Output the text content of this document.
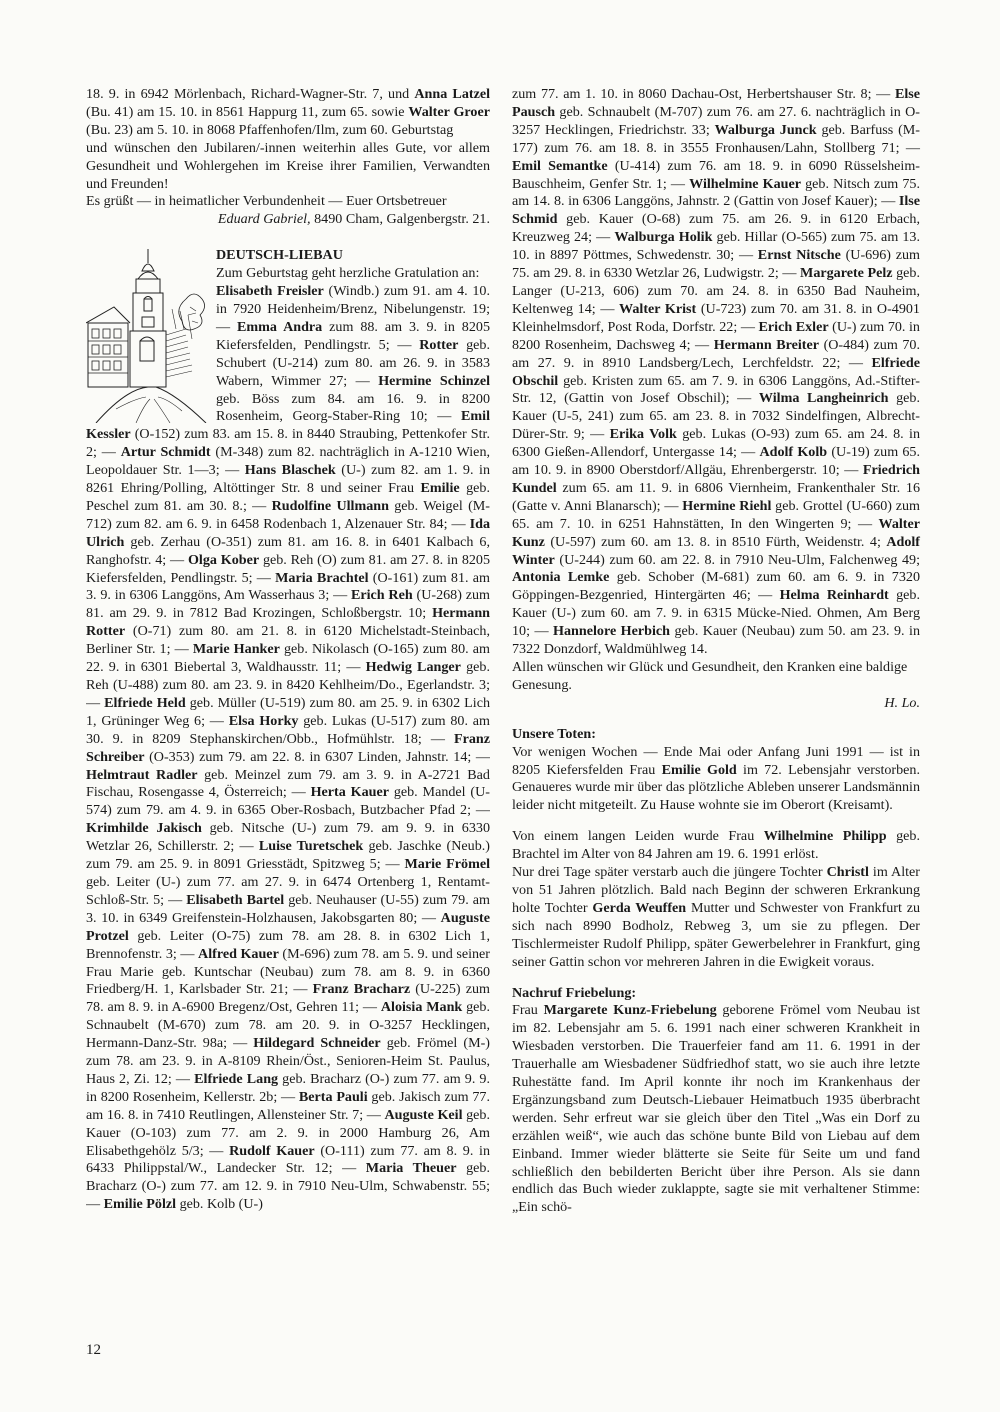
18. 9. in 6942 Mörlenbach, Richard-Wagner-Str. 7, und Anna Latzel (Bu. 41) am 15. 10. in 8561 Happurg 11, zum 65. sowie Walter Groer (Bu. 23) am 5. 10. in 8068 Pfaffenhofen/Ilm, zum 60. Geburtstag

und wünschen den Jubilaren/-innen weiterhin alles Gute, vor allem Gesundheit und Wohlergehen im Kreise ihrer Familien, Verwandten und Freunden!

Es grüßt — in heimatlicher Verbundenheit — Euer Ortsbetreuer

Eduard Gabriel, 8490 Cham, Galgenbergstr. 21.

DEUTSCH-LIEBAU

Zum Geburtstag geht herzliche Gratulation an:

Elisabeth Freisler (Windb.) zum 91. am 4. 10. in 7920 Heidenheim/Brenz, Nibelungenstr. 19; — Emma Andra zum 88. am 3. 9. in 8205 Kiefersfelden, Pendlingstr. 5; — Rotter geb. Schubert (U-214) zum 80. am 26. 9. in 3583 Wabern, Wimmer 27; — Hermine Schinzel geb. Böss zum 84. am 16. 9. in 8200 Rosenheim, Georg-Staber-Ring 10; — Emil Kessler (O-152) zum 83. am 15. 8. in 8440 Straubing, Pettenkofer Str. 2; — Artur Schmidt (M-348) zum 82. nachträglich in A-1210 Wien, Leopoldauer Str. 1—3; — Hans Blaschek (U-) zum 82. am 1. 9. in 8261 Ehring/Polling, Altöttinger Str. 8 und seiner Frau Emilie geb. Peschel zum 81. am 30. 8.; — Rudolfine Ullmann geb. Weigel (M-712) zum 82. am 6. 9. in 6458 Rodenbach 1, Alzenauer Str. 84; — Ida Ulrich geb. Zerhau (O-351) zum 81. am 16. 8. in 6401 Kalbach 6, Ranghofstr. 4; — Olga Kober geb. Reh (O) zum 81. am 27. 8. in 8205 Kiefersfelden, Pendlingstr. 5; — Maria Brachtel (O-161) zum 81. am 3. 9. in 6306 Langgöns, Am Wasserhaus 3; — Erich Reh (U-268) zum 81. am 29. 9. in 7812 Bad Krozingen, Schloßbergstr. 10; Hermann Rotter (O-71) zum 80. am 21. 8. in 6120 Michelstadt-Steinbach, Berliner Str. 1; — Marie Hanker geb. Nikolasch (O-165) zum 80. am 22. 9. in 6301 Biebertal 3, Waldhausstr. 11; — Hedwig Langer geb. Reh (U-488) zum 80. am 23. 9. in 8420 Kehlheim/Do., Egerlandstr. 3; — Elfriede Held geb. Müller (U-519) zum 80. am 25. 9. in 6302 Lich 1, Grüninger Weg 6; — Elsa Horky geb. Lukas (U-517) zum 80. am 30. 9. in 8209 Stephanskirchen/Obb., Hofmühlstr. 18; — Franz Schreiber (O-353) zum 79. am 22. 8. in 6307 Linden, Jahnstr. 14; — Helmtraut Radler geb. Meinzel zum 79. am 3. 9. in A-2721 Bad Fischau, Rosengasse 4, Österreich; — Herta Kauer geb. Mandel (U-574) zum 79. am 4. 9. in 6365 Ober-Rosbach, Butzbacher Pfad 2; — Krimhilde Jakisch geb. Nitsche (U-) zum 79. am 9. 9. in 6330 Wetzlar 26, Schillerstr. 2; — Luise Turetschek geb. Jaschke (Neub.) zum 79. am 25. 9. in 8091 Griesstädt, Spitzweg 5; — Marie Frömel geb. Leiter (U-) zum 77. am 27. 9. in 6474 Ortenberg 1, Rentamt-Schloß-Str. 5; — Elisabeth Bartel geb. Neuhauser (U-55) zum 79. am 3. 10. in 6349 Greifenstein-Holzhausen, Jakobsgarten 80; — Auguste Protzel geb. Leiter (O-75) zum 78. am 28. 8. in 6302 Lich 1, Brennofenstr. 3; — Alfred Kauer (M-696) zum 78. am 5. 9. und seiner Frau Marie geb. Kuntschar (Neubau) zum 78. am 8. 9. in 6360 Friedberg/H. 1, Karlsbader Str. 21; — Franz Bracharz (U-225) zum 78. am 8. 9. in A-6900 Bregenz/Ost, Gehren 11; — Aloisia Mank geb. Schnaubelt (M-670) zum 78. am 20. 9. in O-3257 Hecklingen, Hermann-Danz-Str. 98a; — Hildegard Schneider geb. Frömel (M-) zum 78. am 23. 9. in A-8109 Rhein/Öst., Senioren-Heim St. Paulus, Haus 2, Zi. 12; — Elfriede Lang geb. Bracharz (O-) zum 77. am 9. 9. in 8200 Rosenheim, Kellerstr. 2b; — Berta Pauli geb. Jakisch zum 77. am 16. 8. in 7410 Reutlingen, Allensteiner Str. 7; — Auguste Keil geb. Kauer (O-103) zum 77. am 2. 9. in 2000 Hamburg 26, Am Elisabethgehölz 5/3; — Rudolf Kauer (O-111) zum 77. am 8. 9. in 6433 Philippstal/W., Landecker Str. 12; — Maria Theuer geb. Bracharz (O-) zum 77. am 12. 9. in 7910 Neu-Ulm, Schwabenstr. 55; — Emilie Pölzl geb. Kolb (U-)

zum 77. am 1. 10. in 8060 Dachau-Ost, Herbertshauser Str. 8; — Else Pausch geb. Schnaubelt (M-707) zum 76. am 27. 6. nachträglich in O-3257 Hecklingen, Friedrichstr. 33; Walburga Junck geb. Barfuss (M-177) zum 76. am 18. 8. in 3555 Fronhausen/Lahn, Stollberg 71; — Emil Semantke (U-414) zum 76. am 18. 9. in 6090 Rüsselsheim-Bauschheim, Genfer Str. 1; — Wilhelmine Kauer geb. Nitsch zum 75. am 14. 8. in 6306 Langgöns, Jahnstr. 2 (Gattin von Josef Kauer); — Ilse Schmid geb. Kauer (O-68) zum 75. am 26. 9. in 6120 Erbach, Kreuzweg 24; — Walburga Holik geb. Hillar (O-565) zum 75. am 13. 10. in 8897 Pöttmes, Schwedenstr. 30; — Ernst Nitsche (U-696) zum 75. am 29. 8. in 6330 Wetzlar 26, Ludwigstr. 2; — Margarete Pelz geb. Langer (U-213, 606) zum 70. am 24. 8. in 6350 Bad Nauheim, Keltenweg 14; — Walter Krist (U-723) zum 70. am 31. 8. in O-4901 Kleinhelmsdorf, Post Roda, Dorfstr. 22; — Erich Exler (U-) zum 70. in 8200 Rosenheim, Dachsweg 4; — Hermann Breiter (O-484) zum 70. am 27. 9. in 8910 Landsberg/Lech, Lerchfeldstr. 22; — Elfriede Obschil geb. Kristen zum 65. am 7. 9. in 6306 Langgöns, Ad.-Stifter-Str. 12, (Gattin von Josef Obschil); — Wilma Langheinrich geb. Kauer (U-5, 241) zum 65. am 23. 8. in 7032 Sindelfingen, Albrecht-Dürer-Str. 9; — Erika Volk geb. Lukas (O-93) zum 65. am 24. 8. in 6300 Gießen-Allendorf, Untergasse 14; — Adolf Kolb (U-19) zum 65. am 10. 9. in 8900 Oberstdorf/Allgäu, Ehrenbergerstr. 10; — Friedrich Kundel zum 65. am 11. 9. in 6806 Viernheim, Frankenthaler Str. 16 (Gatte v. Anni Blanarsch); — Hermine Riehl geb. Grottel (U-660) zum 65. am 7. 10. in 6251 Hahnstätten, In den Wingerten 9; — Walter Kunz (U-597) zum 60. am 13. 8. in 8510 Fürth, Weidenstr. 4; Adolf Winter (U-244) zum 60. am 22. 8. in 7910 Neu-Ulm, Falchenweg 49; Antonia Lemke geb. Schober (M-681) zum 60. am 6. 9. in 7320 Göppingen-Bezgenried, Hintergärten 46; — Helma Reinhardt geb. Kauer (U-) zum 60. am 7. 9. in 6315 Mücke-Nied. Ohmen, Am Berg 10; — Hannelore Herbich geb. Kauer (Neubau) zum 50. am 23. 9. in 7322 Donzdorf, Waldmühlweg 14.

Allen wünschen wir Glück und Gesundheit, den Kranken eine baldige Genesung.

H. Lo.

Unsere Toten:

Vor wenigen Wochen — Ende Mai oder Anfang Juni 1991 — ist in 8205 Kiefersfelden Frau Emilie Gold im 72. Lebensjahr verstorben. Genaueres wurde mir über das plötzliche Ableben unserer Landsmännin leider nicht mitgeteilt. Zu Hause wohnte sie im Oberort (Kreisamt).

Von einem langen Leiden wurde Frau Wilhelmine Philipp geb. Brachtel im Alter von 84 Jahren am 19. 6. 1991 erlöst.

Nur drei Tage später verstarb auch die jüngere Tochter Christl im Alter von 51 Jahren plötzlich. Bald nach Beginn der schweren Erkrankung holte Tochter Gerda Weuffen Mutter und Schwester von Frankfurt zu sich nach 8990 Bodholz, Rebweg 3, um sie zu pflegen. Der Tischlermeister Rudolf Philipp, später Gewerbelehrer in Frankfurt, ging seiner Gattin schon vor mehreren Jahren in die Ewigkeit voraus.

Nachruf Friebelung:

Frau Margarete Kunz-Friebelung geborene Frömel vom Neubau ist im 82. Lebensjahr am 5. 6. 1991 nach einer schweren Krankheit in Wiesbaden verstorben. Die Trauerfeier fand am 11. 6. 1991 in der Trauerhalle am Wiesbadener Südfriedhof statt, wo sie auch ihre letzte Ruhestätte fand. Im April konnte ihr noch im Krankenhaus der Ergänzungsband zum Deutsch-Liebauer Heimatbuch 1935 überbracht werden. Sehr erfreut war sie gleich über den Titel „Was ein Dorf zu erzählen weiß“, wie auch das schöne bunte Bild von Liebau auf dem Einband. Immer wieder blätterte sie Seite für Seite um und fand schließlich den bebilderten Bericht über ihre Person. Als sie dann endlich das Buch wieder zuklappte, sagte sie mit verhaltener Stimme: „Ein schö-

12
